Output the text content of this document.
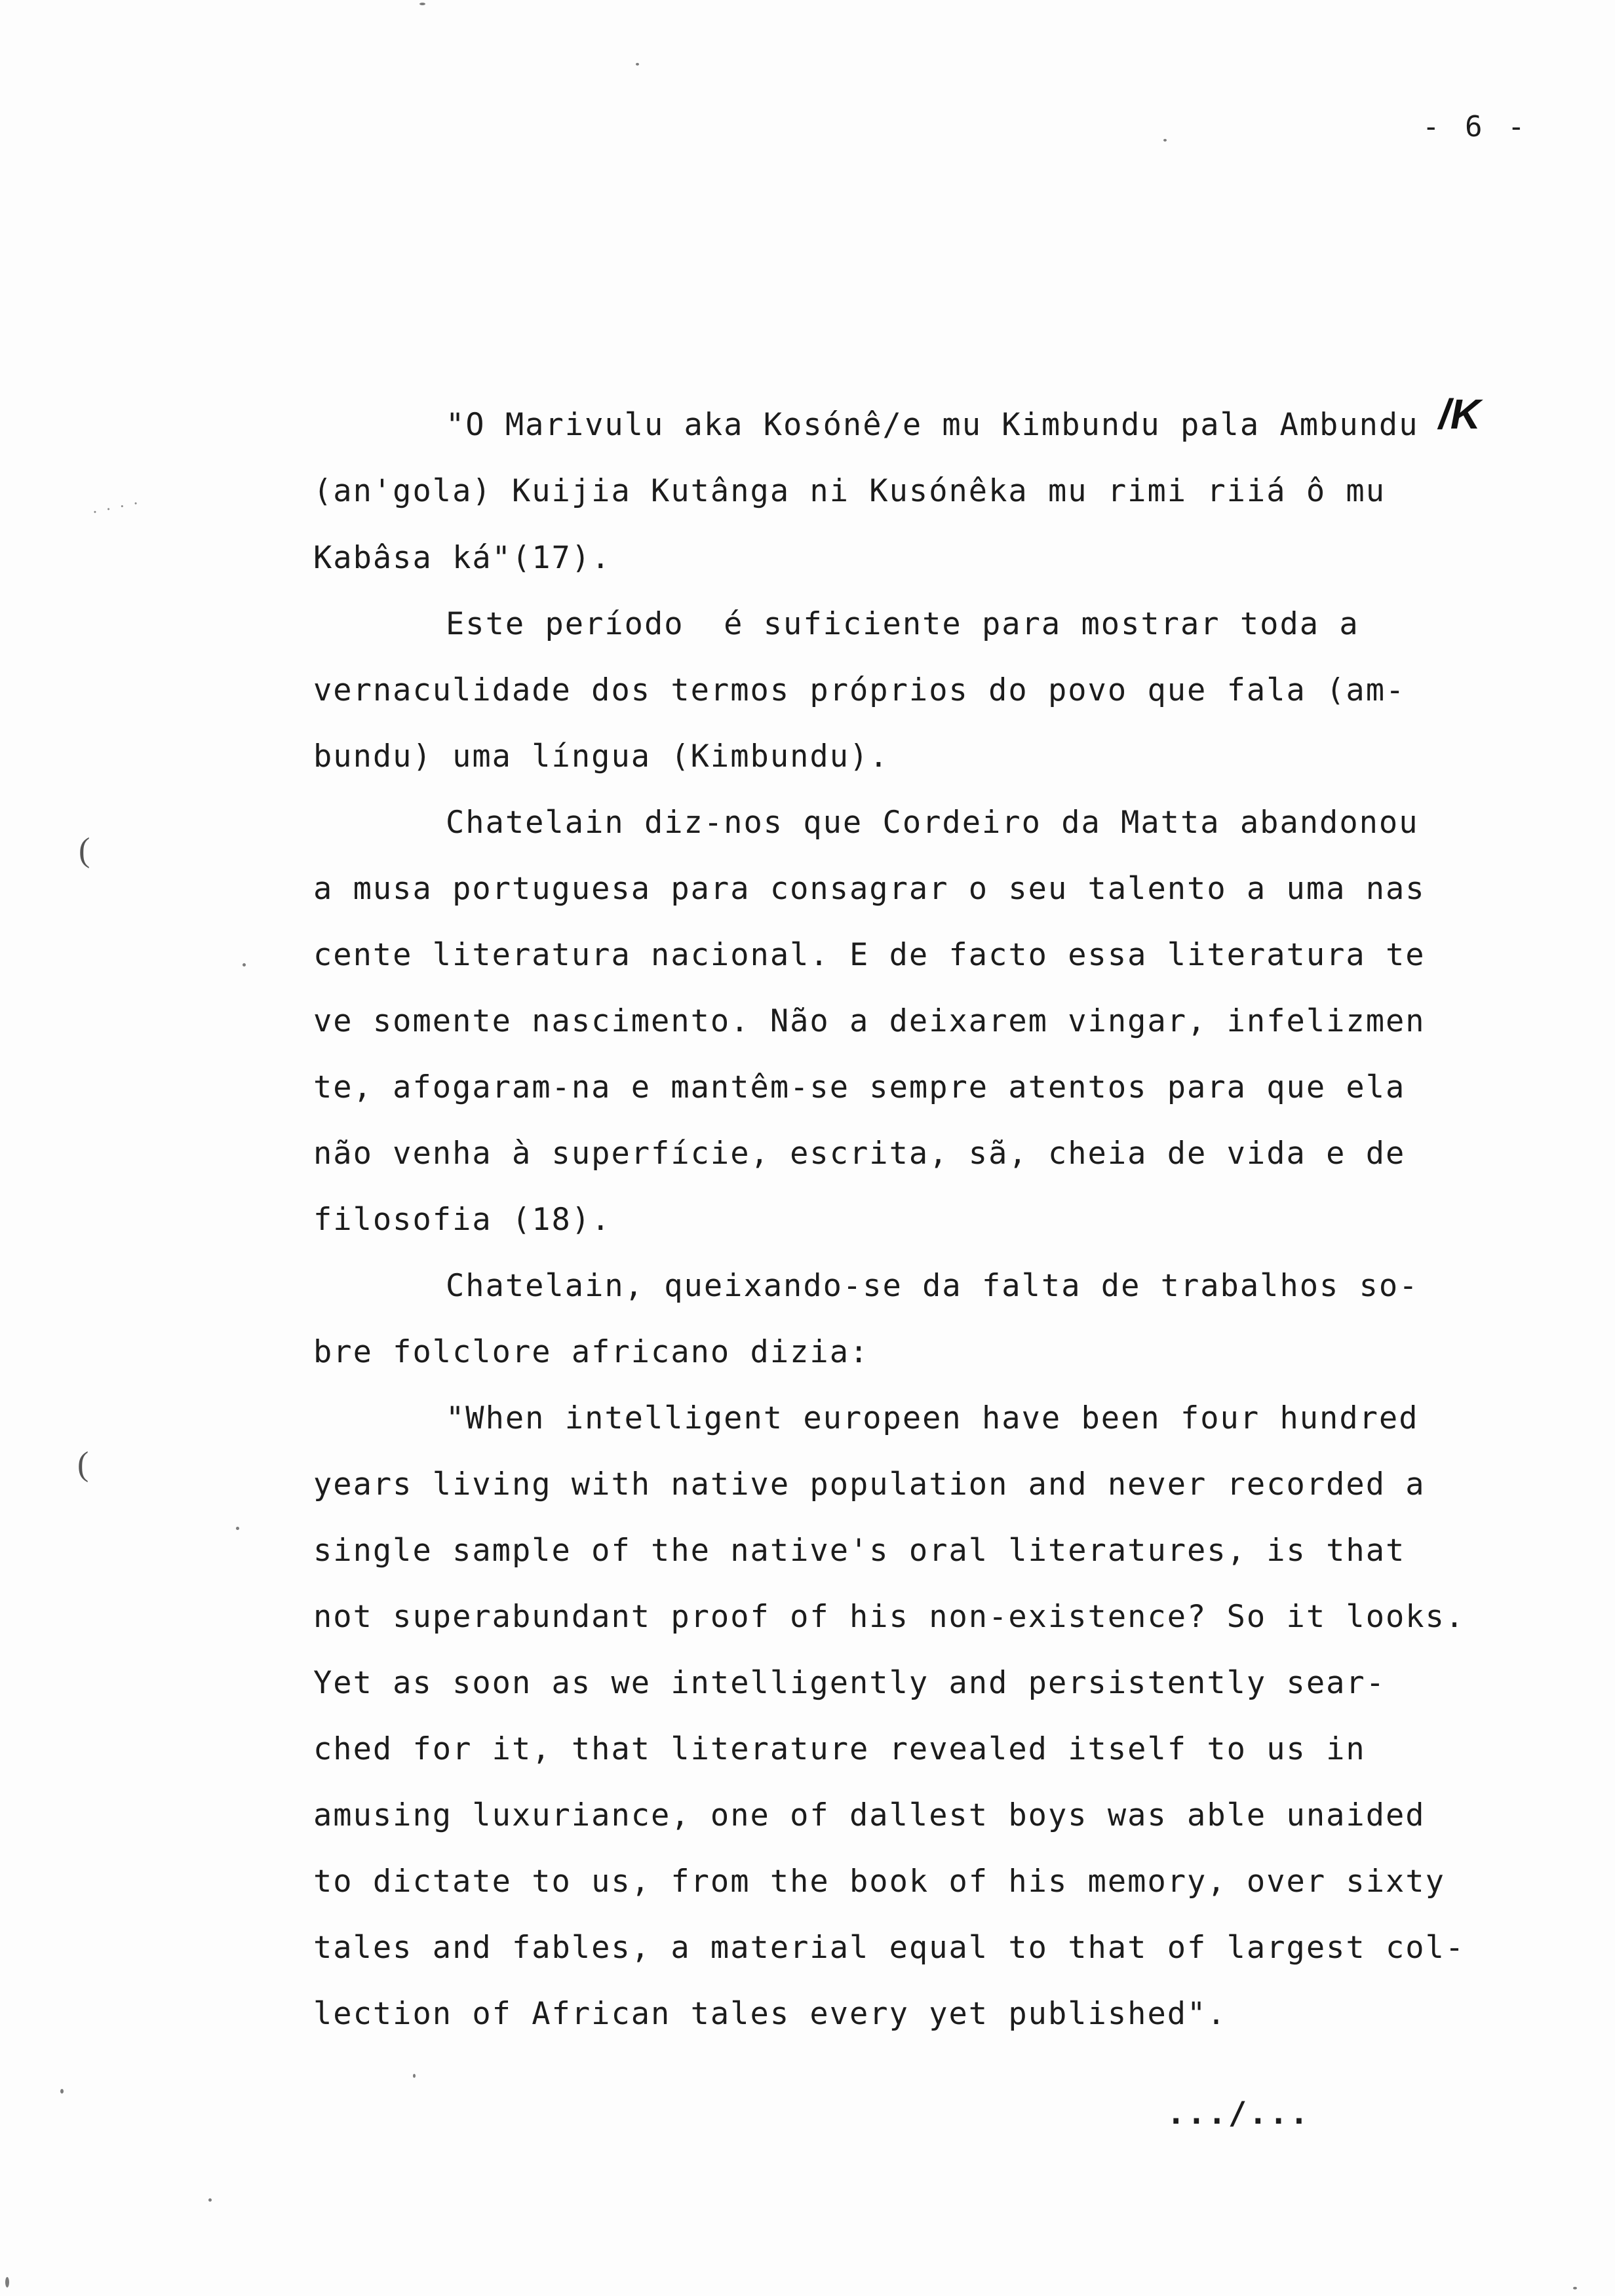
- 6 -
/K
"O Marivulu aka Kosónê/e mu Kimbundu pala Ambundu
(an'gola) Kuijia Kutânga ni Kusónêka mu rimi riiá ô mu
Kabâsa ká"(17).
Este período  é suficiente para mostrar toda a
vernaculidade dos termos próprios do povo que fala (am-
bundu) uma língua (Kimbundu).
Chatelain diz-nos que Cordeiro da Matta abandonou
a musa portuguesa para consagrar o seu talento a uma nas
cente literatura nacional. E de facto essa literatura te
ve somente nascimento. Não a deixarem vingar, infelizmen
te, afogaram-na e mantêm-se sempre atentos para que ela
não venha à superfície, escrita, sã, cheia de vida e de
filosofia (18).
Chatelain, queixando-se da falta de trabalhos so-
bre folclore africano dizia:
"When intelligent europeen have been four hundred
years living with native population and never recorded a
single sample of the native's oral literatures, is that
not superabundant proof of his non-existence? So it looks.
Yet as soon as we intelligently and persistently sear-
ched for it, that literature revealed itself to us in
amusing luxuriance, one of dallest boys was able unaided
to dictate to us, from the book of his memory, over sixty
tales and fables, a material equal to that of largest col-
lection of African tales every yet published".
.../...
(
(
· · · ·
